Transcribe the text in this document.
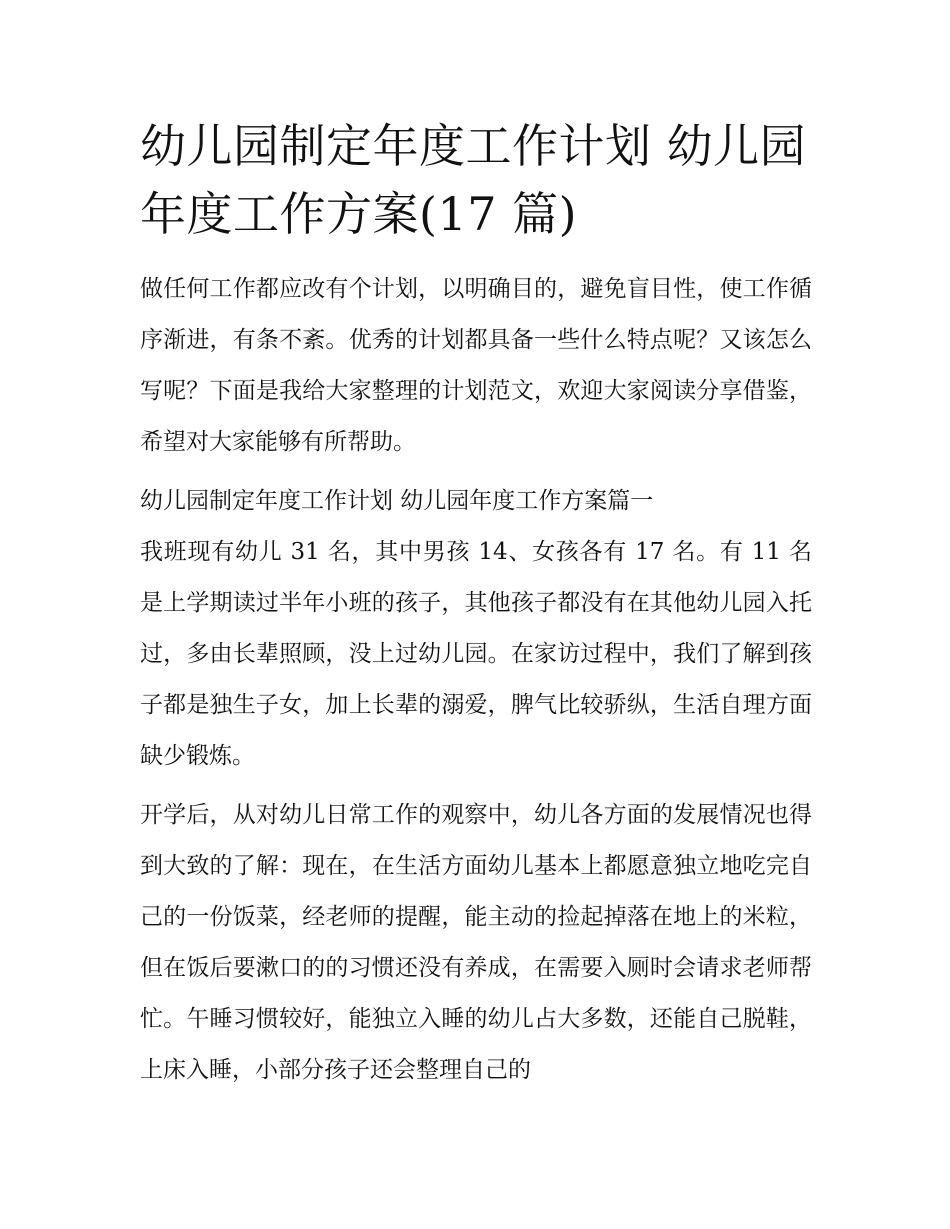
幼儿园制定年度工作计划 幼儿园年度工作方案(17 篇)

做任何工作都应改有个计划，以明确目的，避免盲目性，使工作循序渐进，有条不紊。优秀的计划都具备一些什么特点呢？又该怎么写呢？下面是我给大家整理的计划范文，欢迎大家阅读分享借鉴，希望对大家能够有所帮助。

幼儿园制定年度工作计划 幼儿园年度工作方案篇一

我班现有幼儿 31 名，其中男孩 14、女孩各有 17 名。有 11 名是上学期读过半年小班的孩子，其他孩子都没有在其他幼儿园入托过，多由长辈照顾，没上过幼儿园。在家访过程中，我们了解到孩子都是独生子女，加上长辈的溺爱，脾气比较骄纵，生活自理方面缺少锻炼。

开学后，从对幼儿日常工作的观察中，幼儿各方面的发展情况也得到大致的了解：现在，在生活方面幼儿基本上都愿意独立地吃完自己的一份饭菜，经老师的提醒，能主动的捡起掉落在地上的米粒，但在饭后要漱口的的习惯还没有养成，在需要入厕时会请求老师帮忙。午睡习惯较好，能独立入睡的幼儿占大多数，还能自己脱鞋，上床入睡，小部分孩子还会整理自己的
